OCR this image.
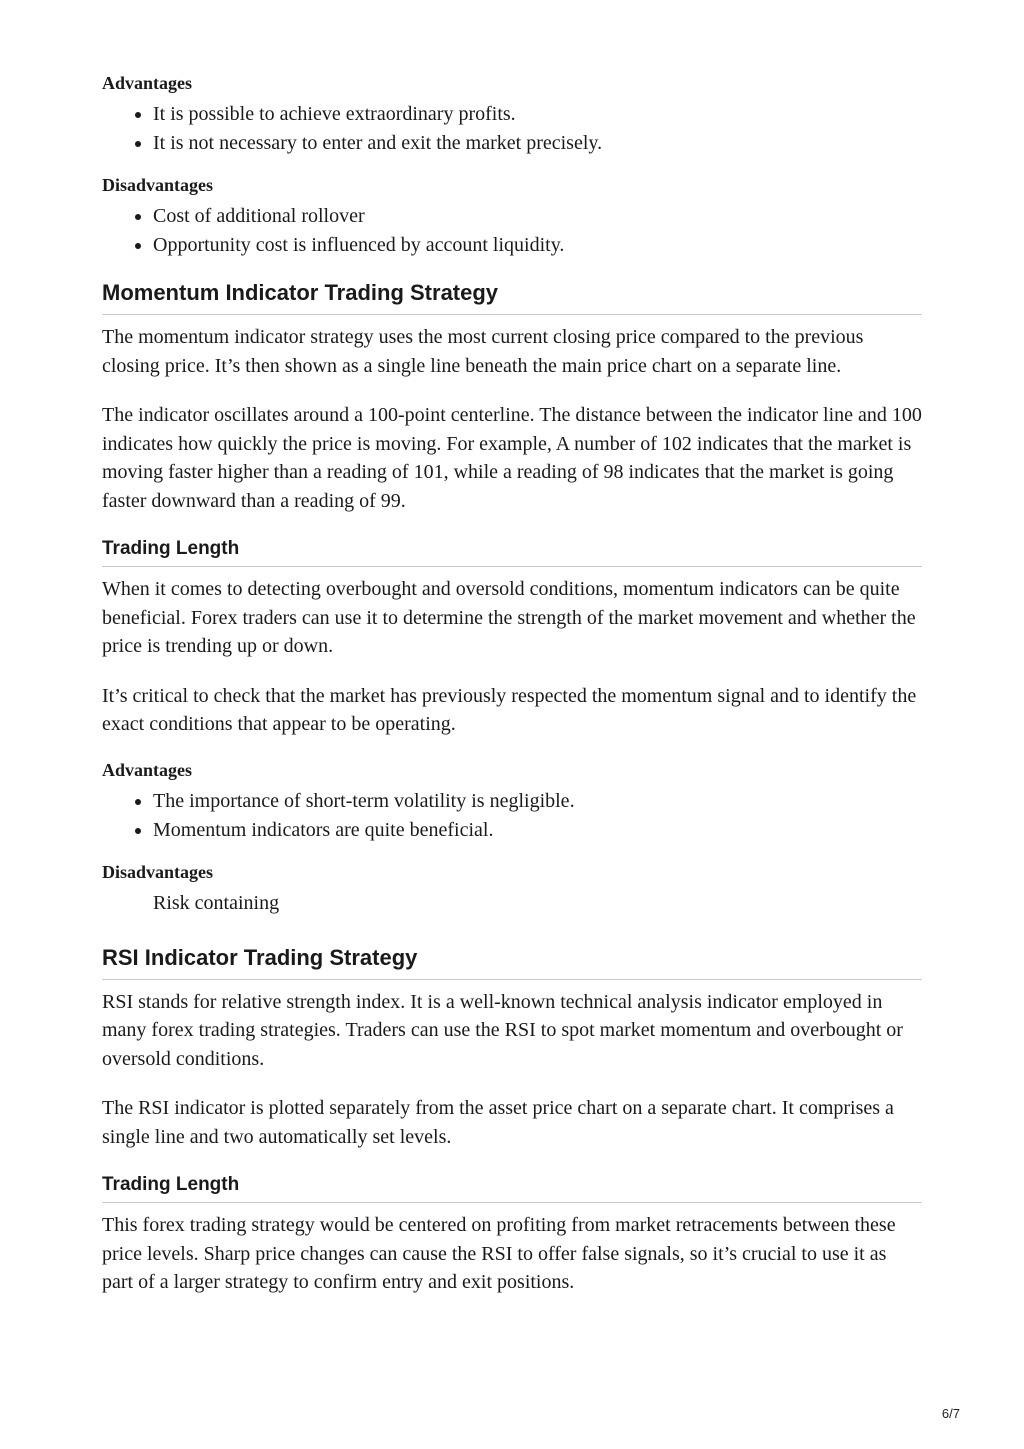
Advantages
• It is possible to achieve extraordinary profits.
• It is not necessary to enter and exit the market precisely.
Disadvantages
• Cost of additional rollover
• Opportunity cost is influenced by account liquidity.
Momentum Indicator Trading Strategy

The momentum indicator strategy uses the most current closing price compared to the previous closing price. It’s then shown as a single line beneath the main price chart on a separate line.

The indicator oscillates around a 100-point centerline. The distance between the indicator line and 100 indicates how quickly the price is moving. For example, A number of 102 indicates that the market is moving faster higher than a reading of 101, while a reading of 98 indicates that the market is going faster downward than a reading of 99.

Trading Length

When it comes to detecting overbought and oversold conditions, momentum indicators can be quite beneficial. Forex traders can use it to determine the strength of the market movement and whether the price is trending up or down.

It’s critical to check that the market has previously respected the momentum signal and to identify the exact conditions that appear to be operating.

Advantages
• The importance of short-term volatility is negligible.
• Momentum indicators are quite beneficial.
Disadvantages
Risk containing
RSI Indicator Trading Strategy

RSI stands for relative strength index. It is a well-known technical analysis indicator employed in many forex trading strategies. Traders can use the RSI to spot market momentum and overbought or oversold conditions.

The RSI indicator is plotted separately from the asset price chart on a separate chart. It comprises a single line and two automatically set levels.

Trading Length

This forex trading strategy would be centered on profiting from market retracements between these price levels. Sharp price changes can cause the RSI to offer false signals, so it’s crucial to use it as part of a larger strategy to confirm entry and exit positions.

6/7
